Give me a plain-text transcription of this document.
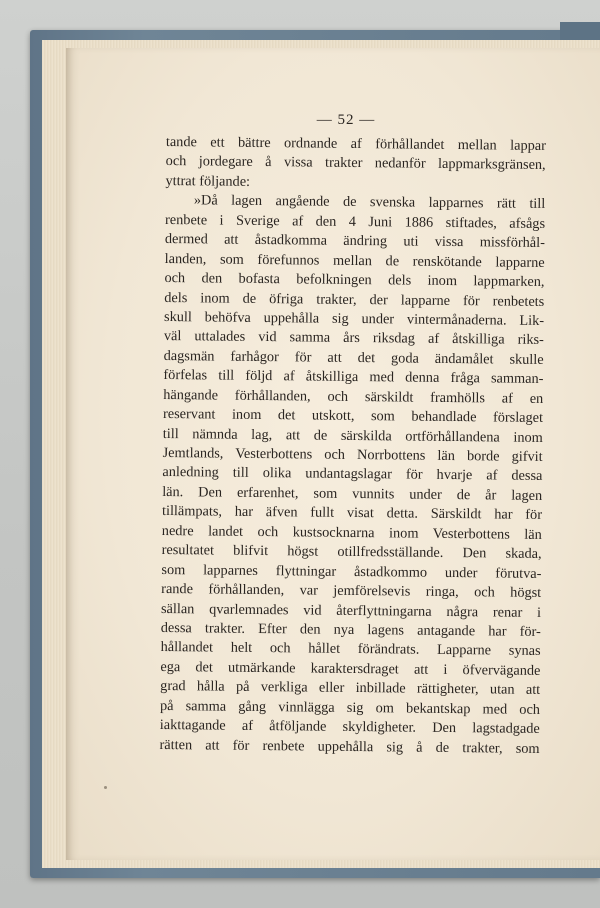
— 52 —
tande ett bättre ordnande af förhållandet mellan lappar
och jordegare å vissa trakter nedanför lappmarksgränsen,
yttrat följande:
»Då lagen angående de svenska lapparnes rätt till
renbete i Sverige af den 4 Juni 1886 stiftades, afsågs
dermed att åstadkomma ändring uti vissa missförhål-
landen, som förefunnos mellan de renskötande lapparne
och den bofasta befolkningen dels inom lappmarken,
dels inom de öfriga trakter, der lapparne för renbetets
skull behöfva uppehålla sig under vintermånaderna. Lik-
väl uttalades vid samma års riksdag af åtskilliga riks-
dagsmän farhågor för att det goda ändamålet skulle
förfelas till följd af åtskilliga med denna fråga samman-
hängande förhållanden, och särskildt framhölls af en
reservant inom det utskott, som behandlade förslaget
till nämnda lag, att de särskilda ortförhållandena inom
Jemtlands, Vesterbottens och Norrbottens län borde gifvit
anledning till olika undantagslagar för hvarje af dessa
län. Den erfarenhet, som vunnits under de år lagen
tillämpats, har äfven fullt visat detta. Särskildt har för
nedre landet och kustsocknarna inom Vesterbottens län
resultatet blifvit högst otillfredsställande. Den skada,
som lapparnes flyttningar åstadkommo under förutva-
rande förhållanden, var jemförelsevis ringa, och högst
sällan qvarlemnades vid återflyttningarna några renar i
dessa trakter. Efter den nya lagens antagande har för-
hållandet helt och hållet förändrats. Lapparne synas
ega det utmärkande karaktersdraget att i öfvervägande
grad hålla på verkliga eller inbillade rättigheter, utan att
på samma gång vinnlägga sig om bekantskap med och
iakttagande af åtföljande skyldigheter. Den lagstadgade
rätten att för renbete uppehålla sig å de trakter, som
